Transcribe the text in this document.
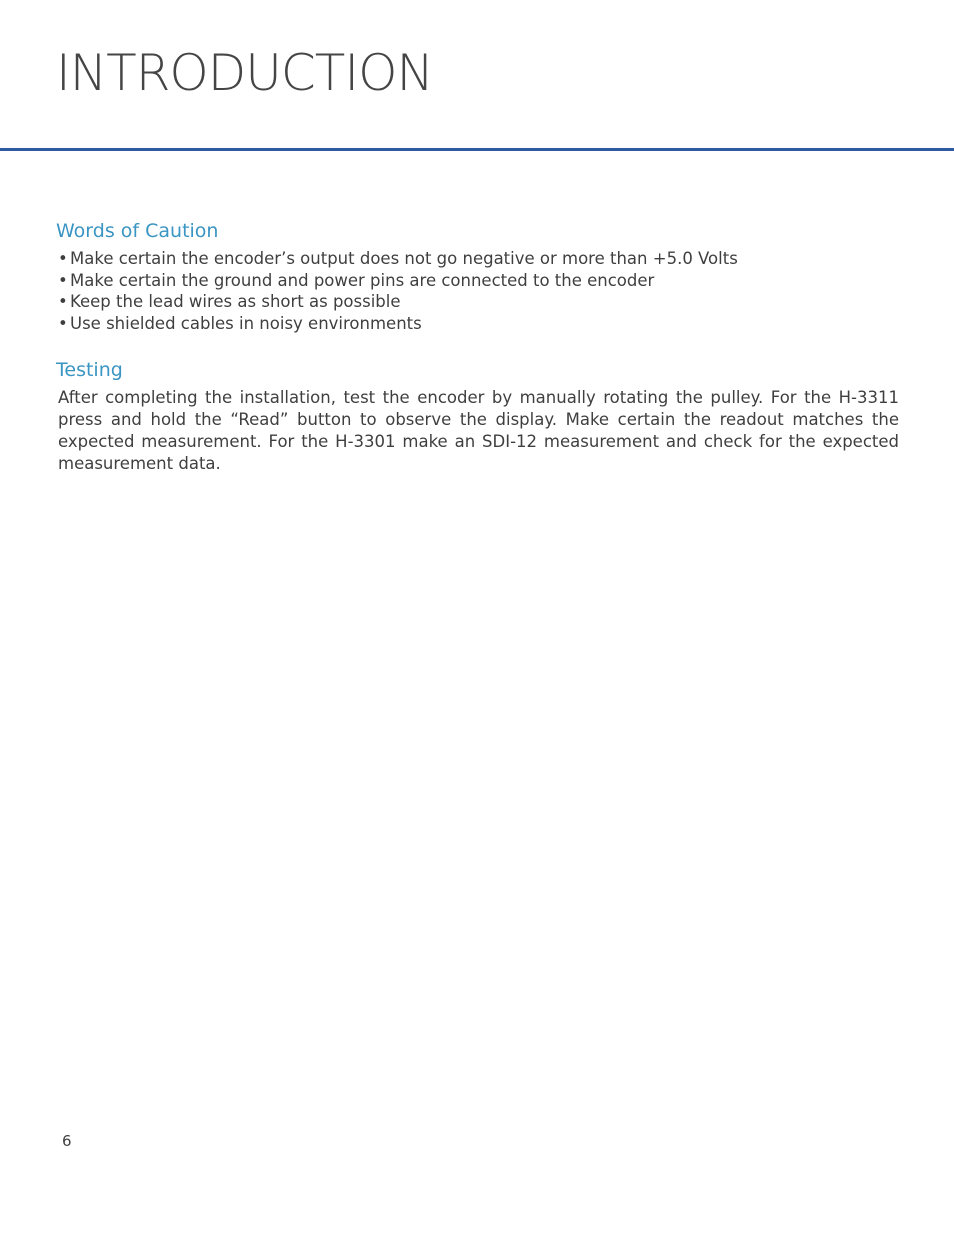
INTRODUCTION
Words of Caution
• Make certain the encoder’s output does not go negative or more than +5.0 Volts
• Make certain the ground and power pins are connected to the encoder
• Keep the lead wires as short as possible
• Use shielded cables in noisy environments
Testing

After completing the installation, test the encoder by manually rotating the pulley. For the H-3311 press and hold the “Read” button to observe the display. Make certain the readout matches the expected measurement. For the H-3301 make an SDI-12 measurement and check for the expected measurement data.

6
